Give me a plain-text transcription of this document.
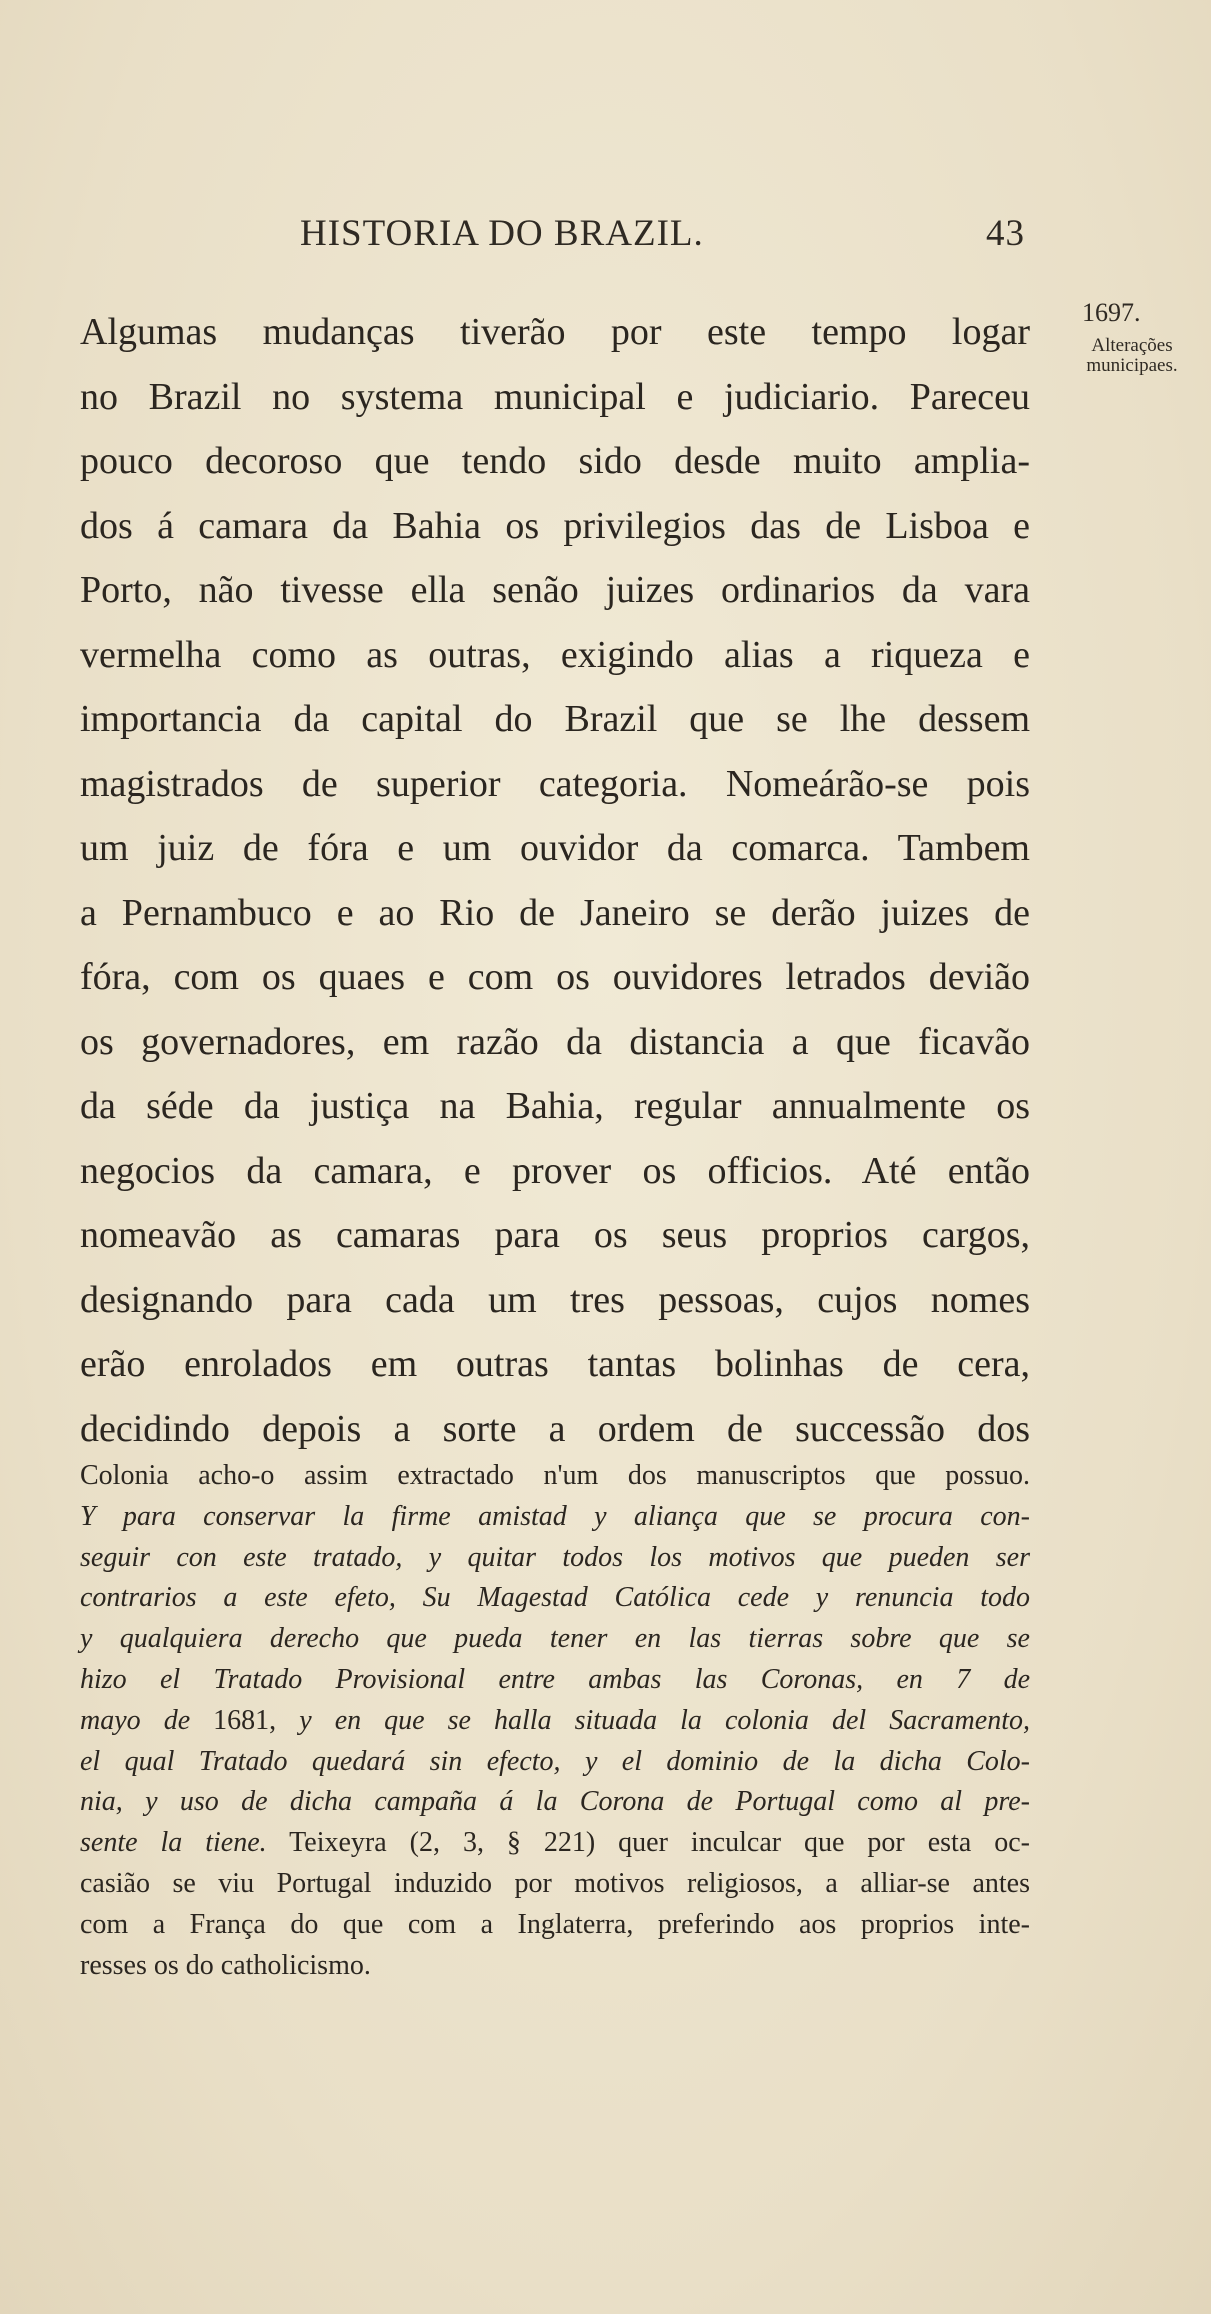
HISTORIA DO BRAZIL.	43
1697.
Alterações
municipaes.
Algumas mudanças tiverão por este tempo logar
no Brazil no systema municipal e judiciario. Pareceu
pouco decoroso que tendo sido desde muito amplia-
dos á camara da Bahia os privilegios das de Lisboa e
Porto, não tivesse ella senão juizes ordinarios da vara
vermelha como as outras, exigindo alias a riqueza e
importancia da capital do Brazil que se lhe dessem
magistrados de superior categoria. Nomeárão-se pois
um juiz de fóra e um ouvidor da comarca. Tambem
a Pernambuco e ao Rio de Janeiro se derão juizes de
fóra, com os quaes e com os ouvidores letrados devião
os governadores, em razão da distancia a que ficavão
da séde da justiça na Bahia, regular annualmente os
negocios da camara, e prover os officios. Até então
nomeavão as camaras para os seus proprios cargos,
designando para cada um tres pessoas, cujos nomes
erão enrolados em outras tantas bolinhas de cera,
decidindo depois a sorte a ordem de successão dos
Colonia acho-o assim extractado n'um dos manuscriptos que possuo.
Y para conservar la firme amistad y aliança que se procura con-
seguir con este tratado, y quitar todos los motivos que pueden ser
contrarios a este efeto, Su Magestad Católica cede y renuncia todo
y qualquiera derecho que pueda tener en las tierras sobre que se
hizo el Tratado Provisional entre ambas las Coronas, en 7 de
mayo de 1681, y en que se halla situada la colonia del Sacramento,
el qual Tratado quedará sin efecto, y el dominio de la dicha Colo-
nia, y uso de dicha campaña á la Corona de Portugal como al pre-
sente la tiene. Teixeyra (2, 3, § 221) quer inculcar que por esta oc-
casião se viu Portugal induzido por motivos religiosos, a alliar-se antes
com a França do que com a Inglaterra, preferindo aos proprios inte-
resses os do catholicismo.
